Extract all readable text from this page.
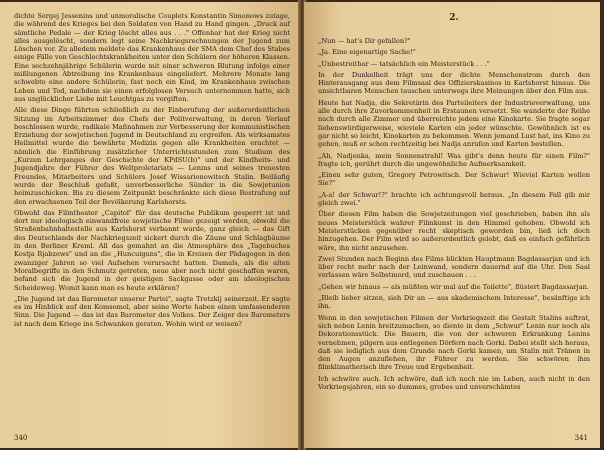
dichte Sergej Jessenins und unmoralische Couplets Konstantin Simonows zutage, die während des Krieges bei den Soldaten von Hand zu Hand gingen. „Druck auf sämtliche Pedale — der Krieg löscht alles aus . . ." Offenbar hat der Krieg nicht alles ausgelöscht, sondern legt seine Nachkriegsrechnungen der Jugend zum Löschen vor. Zu alledem meldete das Krankenhaus der SMA dem Chef des Stabes einige Fälle von Geschlechtskrankheiten unter den Schülern der höheren Klassen. Eine sechzehnjährige Schülerin wurde mit einer schweren Blutung infolge einer mißlungenen Abtreibung ins Krankenhaus eingeliefert. Mehrere Monate lang schwebte eine andere Schülerin, fast noch ein Kind, im Krankenhaus zwischen Leben und Tod, nachdem sie einen erfolglosen Versuch unternommen hatte, sich aus unglücklicher Liebe mit Leuchtgas zu vergiften.

Alle diese Dinge führten schließlich zu der Einberufung der außerordentlichen Sitzung im Arbeitszimmer des Chefs der Politverwaltung, in deren Verlauf beschlossen wurde, radikale Maßnahmen zur Verbesserung der kommunistischen Erziehung der sowjetischen Jugend in Deutschland zu ergreifen. Als wirksamstes Heilmittel wurde die bewährte Medizin gegen alle Krankheiten erachtet — nämlich die Einführung zusätzlicher Unterrichtsstunden zum Studium des „Kurzen Lehrganges der Geschichte der KPdSU(b)" und der Kindheits- und Jugendjahre der Führer des Weltproletariats — Lenins und seines treuesten Freundes, Mitarbeiters und Schülers Josef Wissarionowitsch Stalin. Beiläufig wurde der Beschluß gefaßt, unverbesserliche Sünder in die Sowjetunion heimzuschicken. Bis zu diesem Zeitpunkt beschränkte sich diese Bestrafung auf den erwachsenen Teil der Bevölkerung Karlshorsts.

Obwohl das Filmtheater „Capitol" für das deutsche Publikum gesperrt ist und dort nur ideologisch einwandfreie sowjetische Filme gezeigt werden, obwohl die Straßenbahnhaltestelle aus Karlshorst verbannt wurde, ganz gleich — das Gift des Deutschlands der Nachkriegszeit sickert durch die Zäune und Schlagbäume in den Berliner Kreml. All das gemahnt an die Atmosphäre des „Tagebuches Kostja Rjabzews" und an die „Huncuiguns", die in Kreisen der Pädagogen in den zwanziger Jahren so viel Aufsehen verursacht hatten. Damals, als die alten Moralbegriffe in den Schmutz getreten, neue aber noch nicht geschaffen waren, befand sich die Jugend in der geistigen Sackgasse oder am ideologischen Scheideweg. Womit kann man es heute erklären?

„Die Jugend ist das Barometer unserer Partei", sagte Trotzkij seinerzeit. Er sagte es im Hinblick auf den Komsomol, aber seine Worte haben einen umfassenderen Sinn. Die Jugend — das ist das Barometer des Volkes. Der Zeiger des Barometers ist nach dem Kriege ins Schwanken geraten. Wohin wird er weisen?

340
2.

„Nun — hat's Dir gefallen?"

„Ja. Eine eigenartige Sache!"

„Unbestreitbar — tatsächlich ein Meisterstück . . ."

In der Dunkelheit trägt uns der dichte Menschenstrom durch den Hinterausgang aus dem Filmsaal des Offizierskasinos in Karlshorst hinaus. Die unsichtbaren Menschen tauschen unterwegs ihre Meinungen über den Film aus.

Heute hat Nadja, die Sekretärin des Parteileiters der Industrieverwaltung, uns alle durch ihre Zuvorkommenheit in Erstaunen versetzt. Sie wanderte der Reihe nach durch alle Zimmer und überreichte jedem eine Kinokarte. Sie fragte sogar liebenswürdigerweise, wieviele Karten ein jeder wünschte. Gewöhnlich ist es gar nicht so leicht, Kinokarten zu bekommen. Wenn jemand Lust hat, ins Kino zu gehen, muß er schon rechtzeitig bei Nadja anrufen und Karten bestellen.

„Ah, Nadjenka, mein Sonnenstrahl! Was gibt's denn heute für einen Film?" fragte ich, gerührt durch die ungewöhnliche Aufmerksamkeit.

„Einen sehr guten, Gregory Petrowitsch. Der Schwur! Wieviel Karten wollen Sie?"

„A-a! der Schwur!?" brachte ich achtungsvoll heraus. „In diesem Fall gib mir gleich zwei."

Über diesen Film haben die Sowjetzeitungen viel geschrieben, haben ihn als neues Meisterstück wahrer Filmkunst in den Himmel gehoben. Obwohl ich Meisterstücken gegenüber recht skeptisch geworden bin, ließ ich doch hinzugehen. Der Film wird so außerordentlich gelobt, daß es einfach gefährlich wäre, ihn nicht anzusehen.

Zwei Stunden nach Beginn des Films blickten Hauptmann Bagdassarjan und ich über recht mehr nach der Leinwand, sondern dauernd auf die Uhr. Den Saal verlassen wäre Selbstmord, und zuschauen . . .

„Gehen wir hinaus — als müßten wir mal auf die Toilette", flüstert Bagdassarjan.

„Bleib lieber sitzen, sieh Dir an — aus akademischem Interesse", besänftige ich ihn.

Wenn in den sowjetischen Filmen der Vorkriegszeit die Gestalt Stalins auftrat, sich neben Lenin breitzumachen, so diente in dem „Schwur" Lenin nur noch als Dekorationsstück. Die Bauern, die von der schweren Erkrankung Lenins vernehmen, pilgern aus entlegenen Dörfern nach Gorki. Dabei stellt sich heraus, daß sie lediglich aus dem Grunde nach Gorki kamen, um Stalin mit Tränen in den Augen anzuflehen, ihr Führer zu werden. Sie schwören ihm filmklimatherisch ihre Treue und Ergebenheit.

Ich schwöre auch. Ich schwöre, daß ich noch nie im Leben, auch nicht in den Vorkriegsjahren, ein so dummes, grobes und unverschämtes

341
